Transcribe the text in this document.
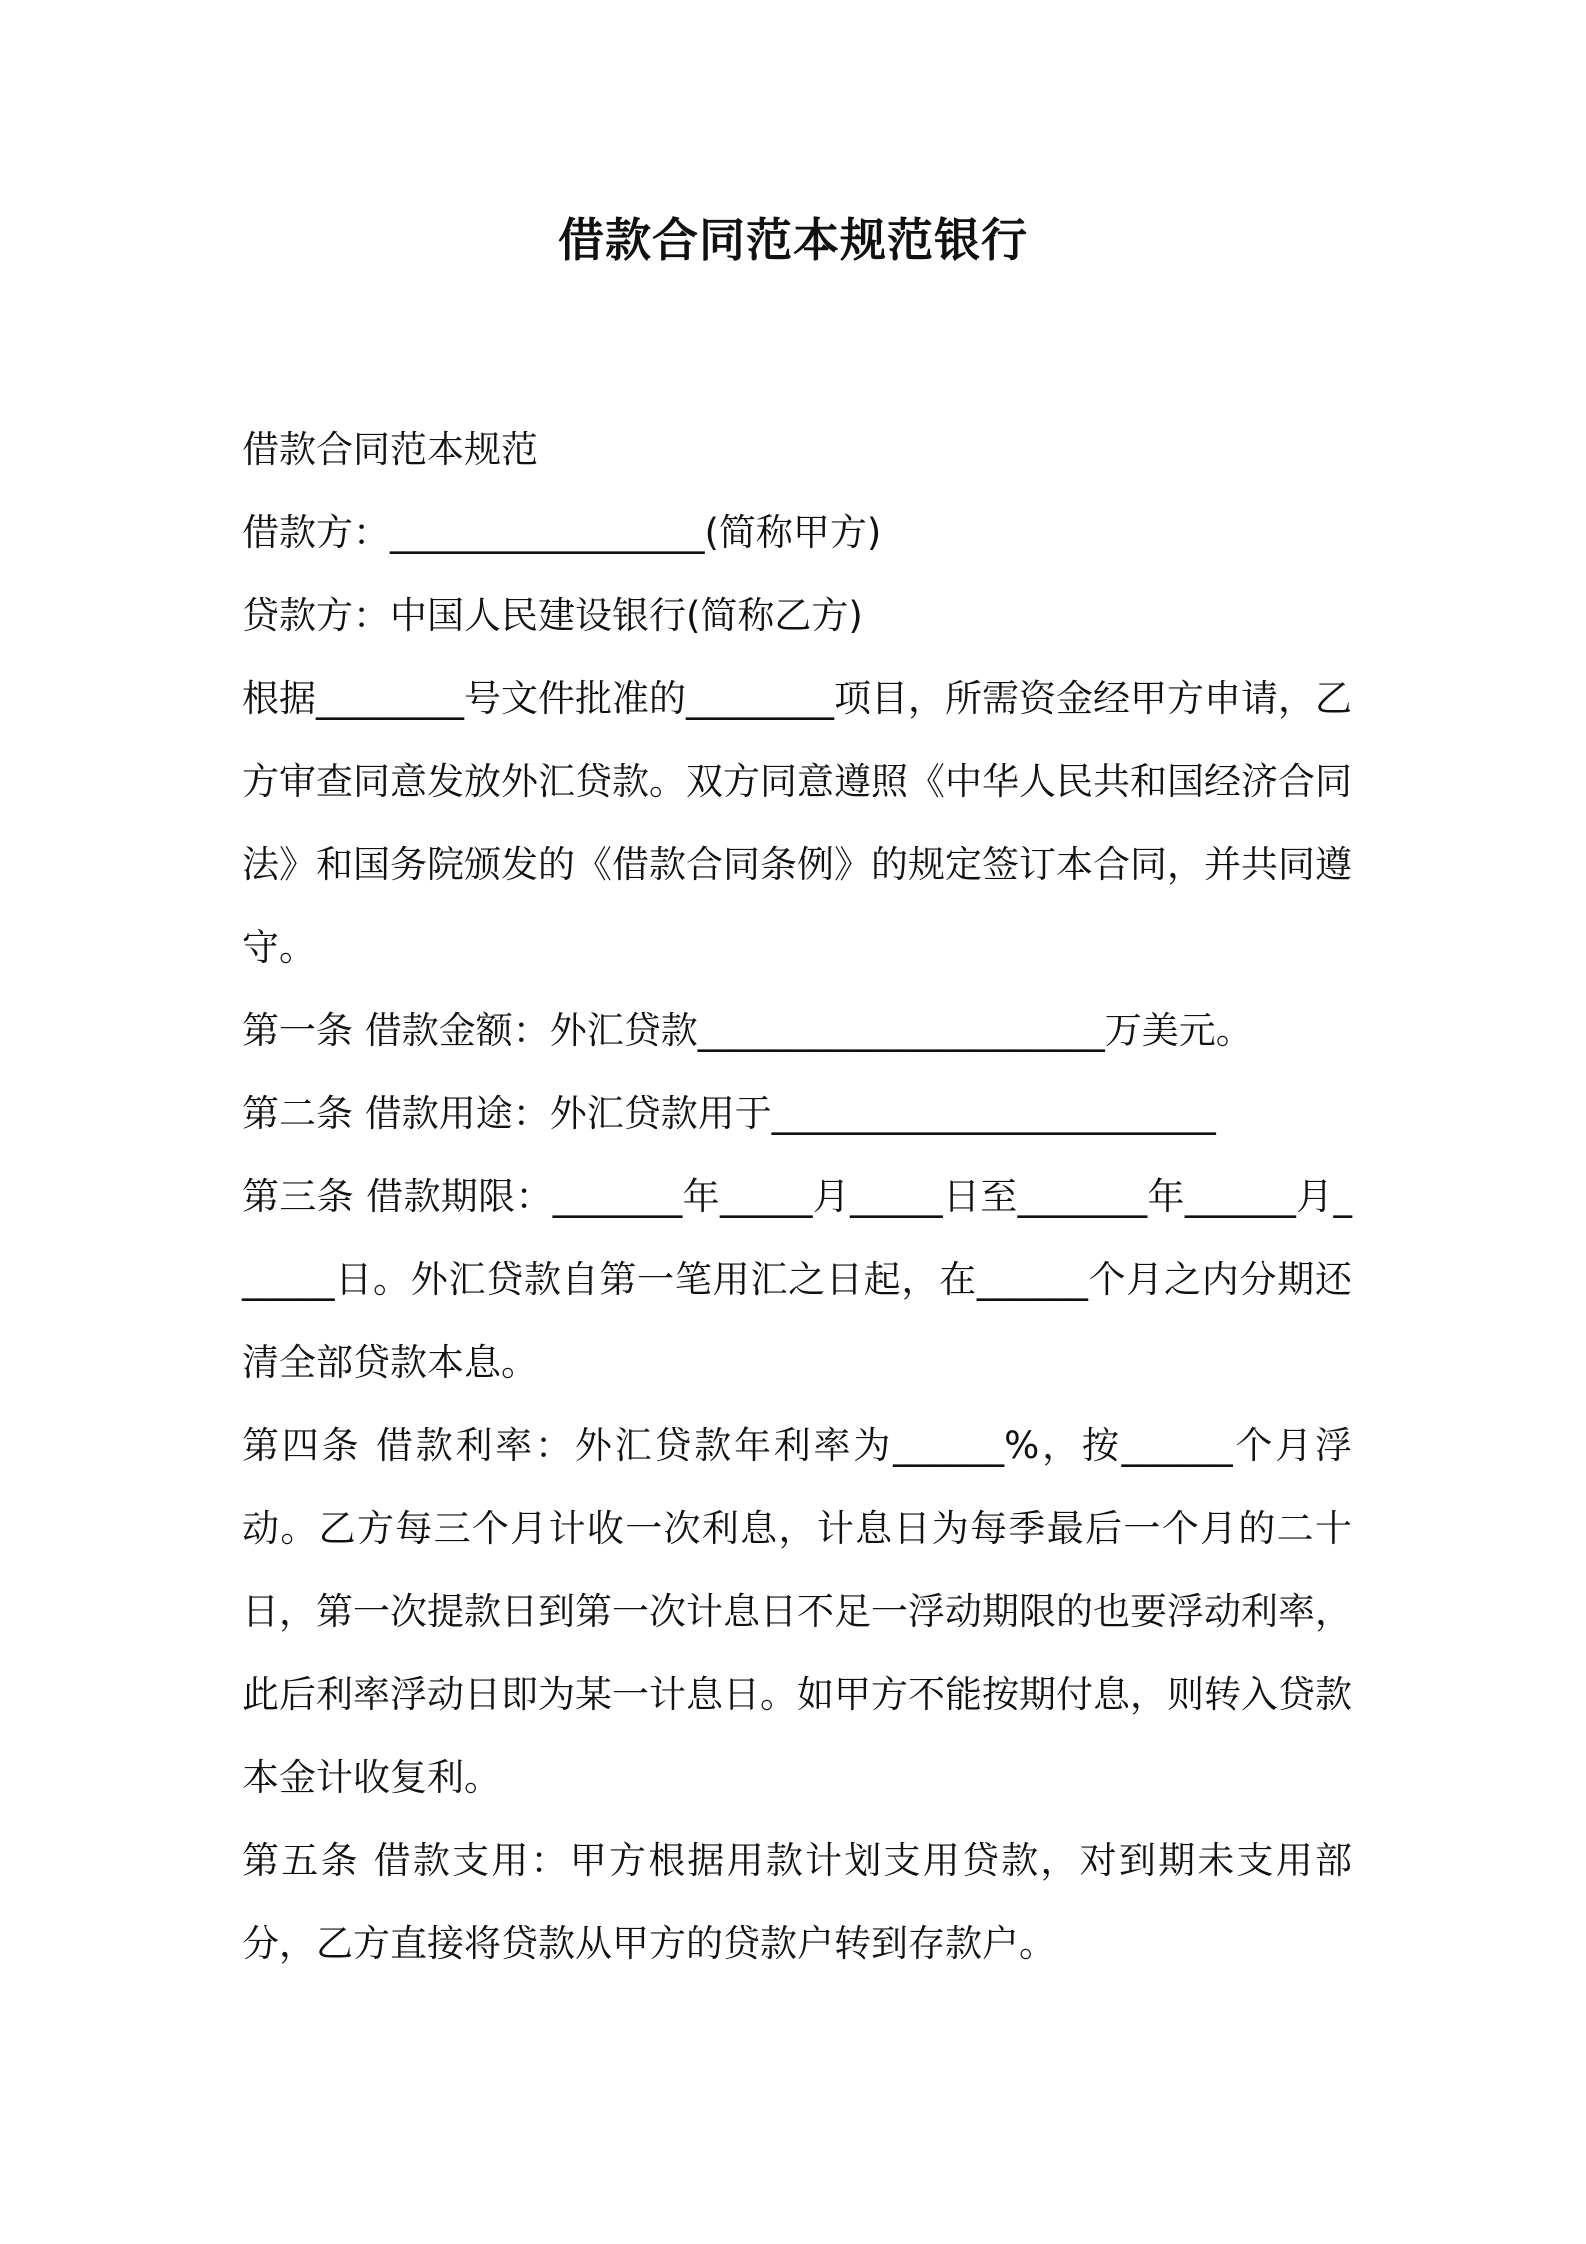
借款合同范本规范银行

借款合同范本规范

借款方：_________________(简称甲方)

贷款方：中国人民建设银行(简称乙方)

根据________号文件批准的________项目，所需资金经甲方申请，乙方审查同意发放外汇贷款。双方同意遵照《中华人民共和国经济合同法》和国务院颁发的《借款合同条例》的规定签订本合同，并共同遵守。

第一条 借款金额：外汇贷款______________________万美元。

第二条 借款用途：外汇贷款用于________________________

第三条 借款期限：_______年_____月_____日至_______年______月______日。外汇贷款自第一笔用汇之日起，在______个月之内分期还清全部贷款本息。

第四条 借款利率：外汇贷款年利率为______%，按______个月浮动。乙方每三个月计收一次利息，计息日为每季最后一个月的二十日，第一次提款日到第一次计息日不足一浮动期限的也要浮动利率，此后利率浮动日即为某一计息日。如甲方不能按期付息，则转入贷款本金计收复利。

第五条 借款支用：甲方根据用款计划支用贷款，对到期未支用部分，乙方直接将贷款从甲方的贷款户转到存款户。
